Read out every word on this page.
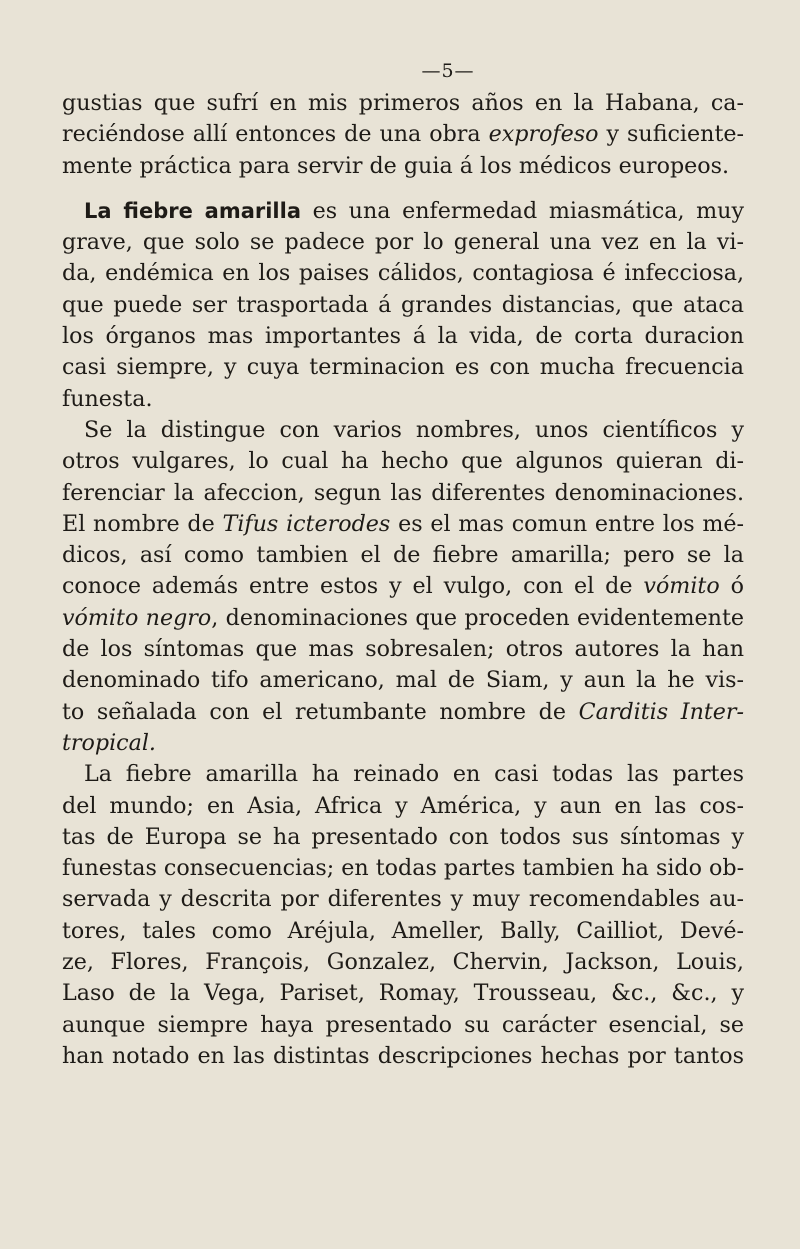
—5—

gustias que sufrí en mis primeros años en la Habana, ca-
reciéndose allí entonces de una obra exprofeso y suficiente-
mente práctica para servir de guia á los médicos europeos.

La fiebre amarilla es una enfermedad miasmática, muy
grave, que solo se padece por lo general una vez en la vi-
da, endémica en los paises cálidos, contagiosa é infecciosa,
que puede ser trasportada á grandes distancias, que ataca
los órganos mas importantes á la vida, de corta duracion
casi siempre, y cuya terminacion es con mucha frecuencia
funesta.

Se la distingue con varios nombres, unos científicos y
otros vulgares, lo cual ha hecho que algunos quieran di-
ferenciar la afeccion, segun las diferentes denominaciones.
El nombre de Tifus icterodes es el mas comun entre los mé-
dicos, así como tambien el de fiebre amarilla; pero se la
conoce además entre estos y el vulgo, con el de vómito ó
vómito negro, denominaciones que proceden evidentemente
de los síntomas que mas sobresalen; otros autores la han
denominado tifo americano, mal de Siam, y aun la he vis-
to señalada con el retumbante nombre de Carditis Inter-
tropical.

La fiebre amarilla ha reinado en casi todas las partes
del mundo; en Asia, Africa y América, y aun en las cos-
tas de Europa se ha presentado con todos sus síntomas y
funestas consecuencias; en todas partes tambien ha sido ob-
servada y descrita por diferentes y muy recomendables au-
tores, tales como Aréjula, Ameller, Bally, Cailliot, Devé-
ze, Flores, François, Gonzalez, Chervin, Jackson, Louis,
Laso de la Vega, Pariset, Romay, Trousseau, &c., &c., y
aunque siempre haya presentado su carácter esencial, se
han notado en las distintas descripciones hechas por tantos
